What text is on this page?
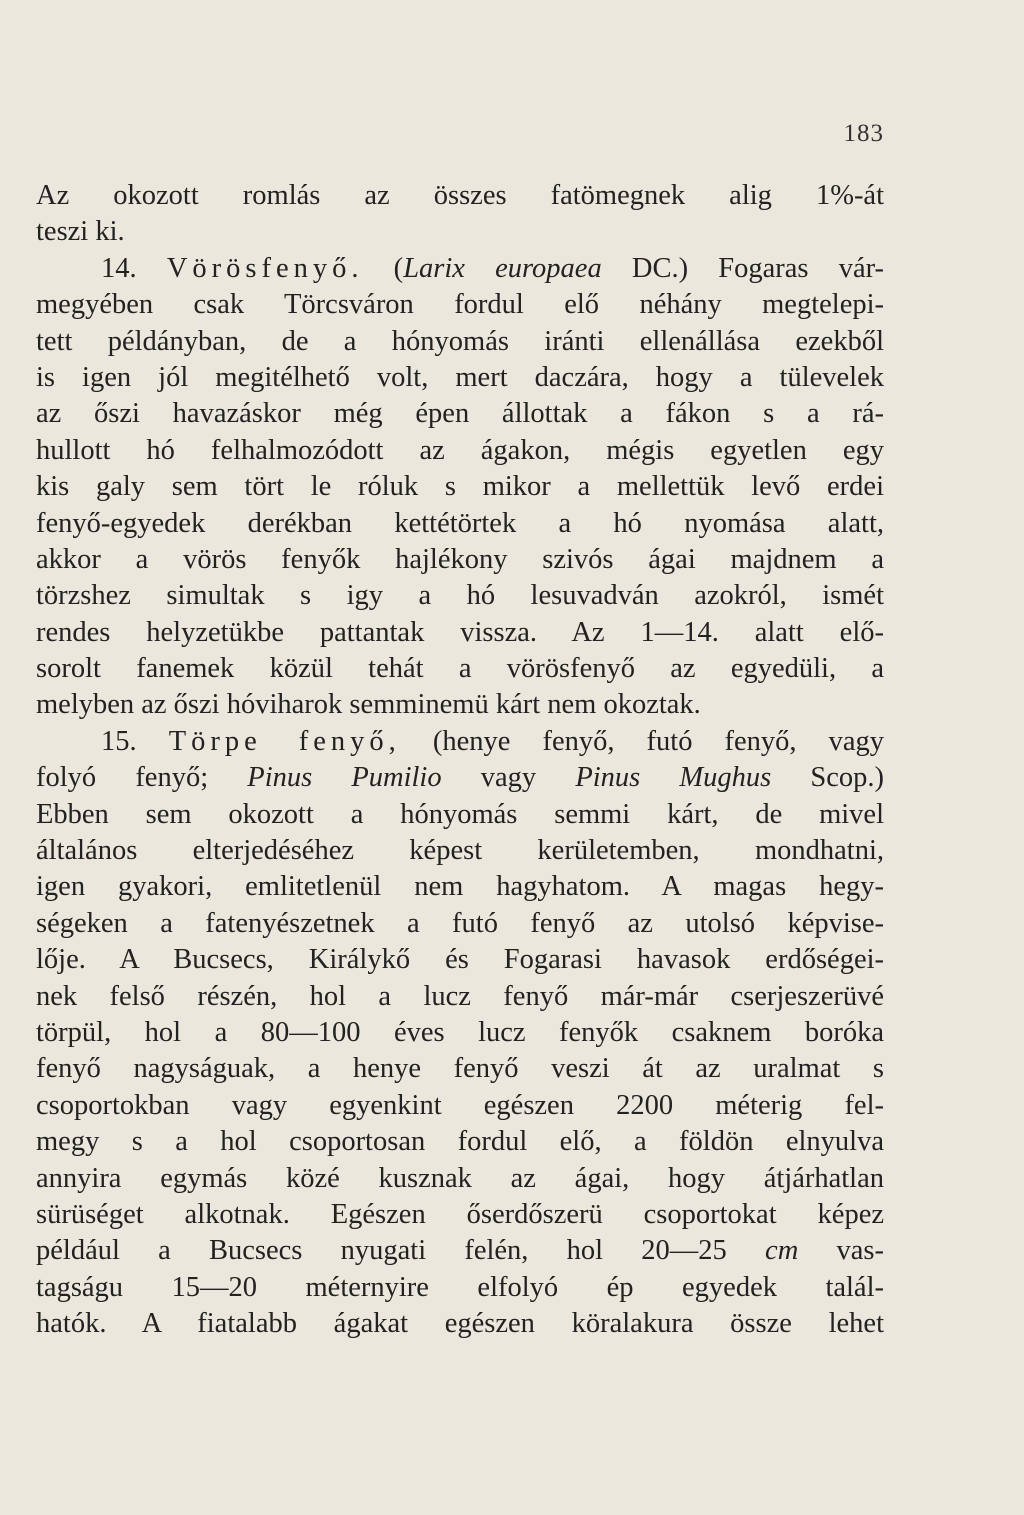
183
Az okozott romlás az összes fatömegnek alig 1%-át
teszi ki.
14. Vörösfenyő. (Larix europaea DC.) Fogaras vár-
megyében csak Törcsváron fordul elő néhány megtelepi-
tett példányban, de a hónyomás iránti ellenállása ezekből
is igen jól megitélhető volt, mert daczára, hogy a tülevelek
az őszi havazáskor még épen állottak a fákon s a rá-
hullott hó felhalmozódott az ágakon, mégis egyetlen egy
kis galy sem tört le róluk s mikor a mellettük levő erdei
fenyő-egyedek derékban kettétörtek a hó nyomása alatt,
akkor a vörös fenyők hajlékony szivós ágai majdnem a
törzshez simultak s igy a hó lesuvadván azokról, ismét
rendes helyzetükbe pattantak vissza. Az 1—14. alatt elő-
sorolt fanemek közül tehát a vörösfenyő az egyedüli, a
melyben az őszi hóviharok semminemü kárt nem okoztak.
15. Törpe fenyő, (henye fenyő, futó fenyő, vagy
folyó fenyő; Pinus Pumilio vagy Pinus Mughus Scop.)
Ebben sem okozott a hónyomás semmi kárt, de mivel
általános elterjedéséhez képest kerületemben, mondhatni,
igen gyakori, emlitetlenül nem hagyhatom. A magas hegy-
ségeken a fatenyészetnek a futó fenyő az utolsó képvise-
lője. A Bucsecs, Királykő és Fogarasi havasok erdőségei-
nek felső részén, hol a lucz fenyő már-már cserjeszerüvé
törpül, hol a 80—100 éves lucz fenyők csaknem boróka
fenyő nagyságuak, a henye fenyő veszi át az uralmat s
csoportokban vagy egyenkint egészen 2200 méterig fel-
megy s a hol csoportosan fordul elő, a földön elnyulva
annyira egymás közé kusznak az ágai, hogy átjárhatlan
sürüséget alkotnak. Egészen őserdőszerü csoportokat képez
például a Bucsecs nyugati felén, hol 20—25 cm vas-
tagságu 15—20 méternyire elfolyó ép egyedek talál-
hatók. A fiatalabb ágakat egészen köralakura össze lehet
